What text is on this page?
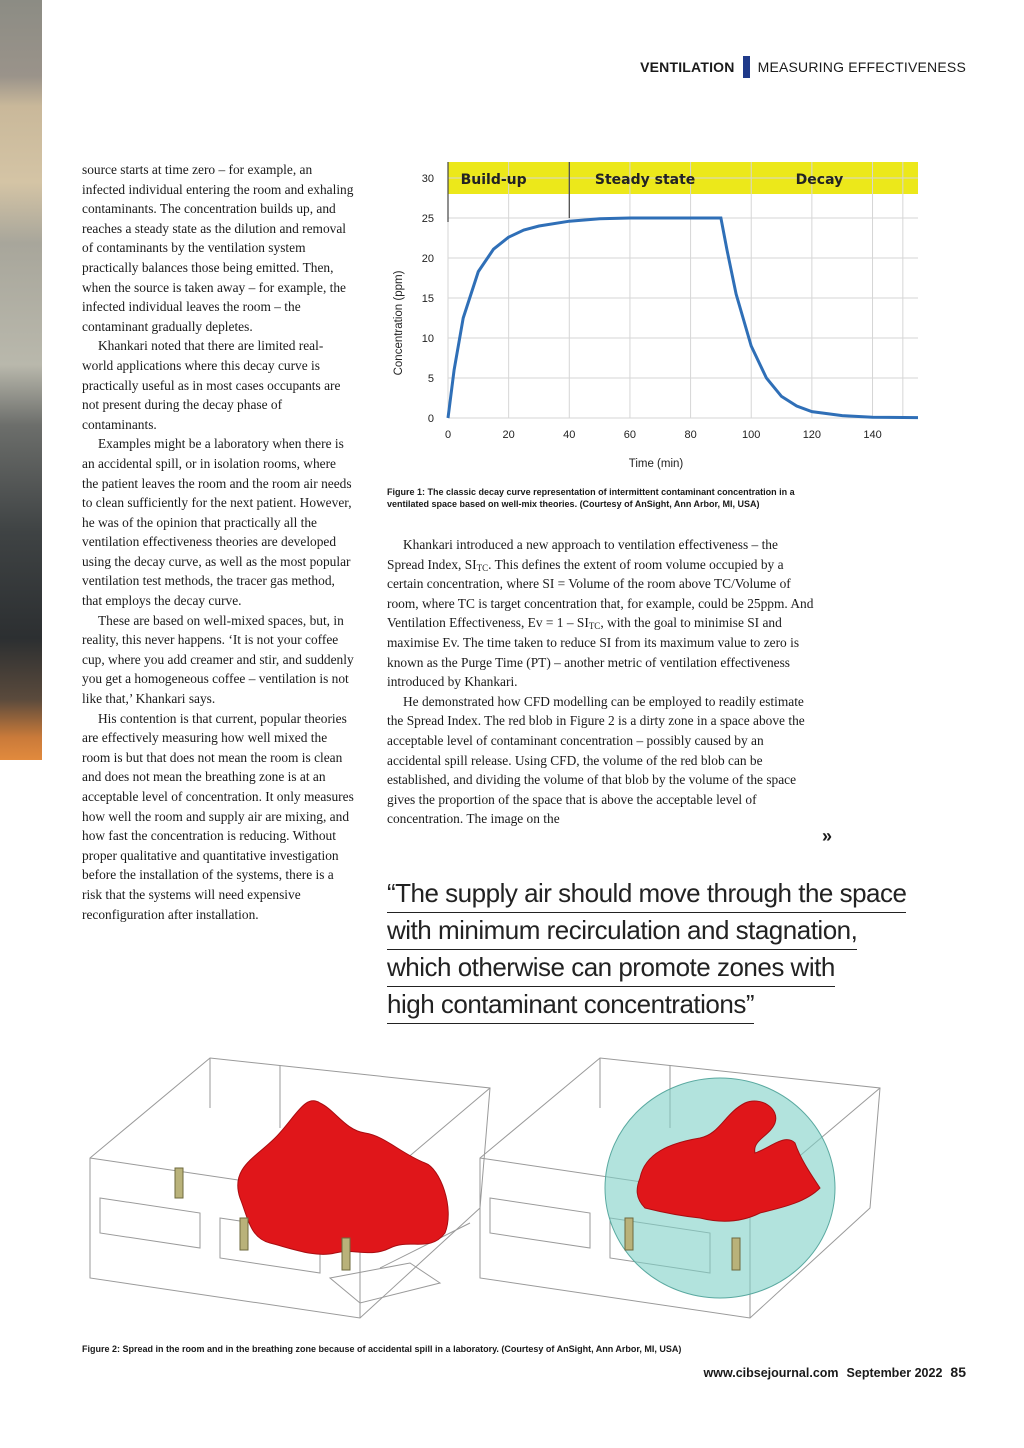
VENTILATION MEASURING EFFECTIVENESS

source starts at time zero – for example, an infected individual entering the room and exhaling contaminants. The concentration builds up, and reaches a steady state as the dilution and removal of contaminants by the ventilation system practically balances those being emitted. Then, when the source is taken away – for example, the infected individual leaves the room – the contaminant gradually depletes.

Khankari noted that there are limited real-world applications where this decay curve is practically useful as in most cases occupants are not present during the decay phase of contaminants.

Examples might be a laboratory when there is an accidental spill, or in isolation rooms, where the patient leaves the room and the room air needs to clean sufficiently for the next patient. However, he was of the opinion that practically all the ventilation effectiveness theories are developed using the decay curve, as well as the most popular ventilation test methods, the tracer gas method, that employs the decay curve.

These are based on well-mixed spaces, but, in reality, this never happens. ‘It is not your coffee cup, where you add creamer and stir, and suddenly you get a homogeneous coffee – ventilation is not like that,’ Khankari says.

His contention is that current, popular theories are effectively measuring how well mixed the room is but that does not mean the room is clean and does not mean the breathing zone is at an acceptable level of concentration. It only measures how well the room and supply air are mixing, and how fast the concentration is reducing. Without proper qualitative and quantitative investigation before the installation of the systems, there is a risk that the systems will need expensive reconfiguration after installation.

0	20	40	60	80	100	120	140
0
5
10
15
20
25
30 Build-up	Steady state	Decay
Time (min)
Concentration (ppm)
Figure 1: The classic decay curve representation of intermittent contaminant concentration in a ventilated space based on well-mix theories. (Courtesy of AnSight, Ann Arbor, MI, USA)

Khankari introduced a new approach to ventilation effectiveness – the Spread Index, $SI_{TC}$. This defines the extent of room volume occupied by a certain concentration, where SI = Volume of the room above TC/Volume of room, where TC is target concentration that, for example, could be 25ppm. And Ventilation Effectiveness, $Ev = 1 - SI_{TC}$, with the goal to minimise SI and maximise Ev. The time taken to reduce SI from its maximum value to zero is known as the Purge Time (PT) – another metric of ventilation effectiveness introduced by Khankari.

He demonstrated how CFD modelling can be employed to readily estimate the Spread Index. The red blob in Figure 2 is a dirty zone in a space above the acceptable level of contaminant concentration – possibly caused by an accidental spill release. Using CFD, the volume of the red blob can be established, and dividing the volume of that blob by the volume of the space gives the proportion of the space that is above the acceptable level of concentration. The image on the

»
“The supply air should move through the space
with minimum recirculation and stagnation,
which otherwise can promote zones with
high contaminant concentrations”
Figure 2: Spread in the room and in the breathing zone because of accidental spill in a laboratory. (Courtesy of AnSight, Ann Arbor, MI, USA)
www.cibsejournal.com September 2022 85
